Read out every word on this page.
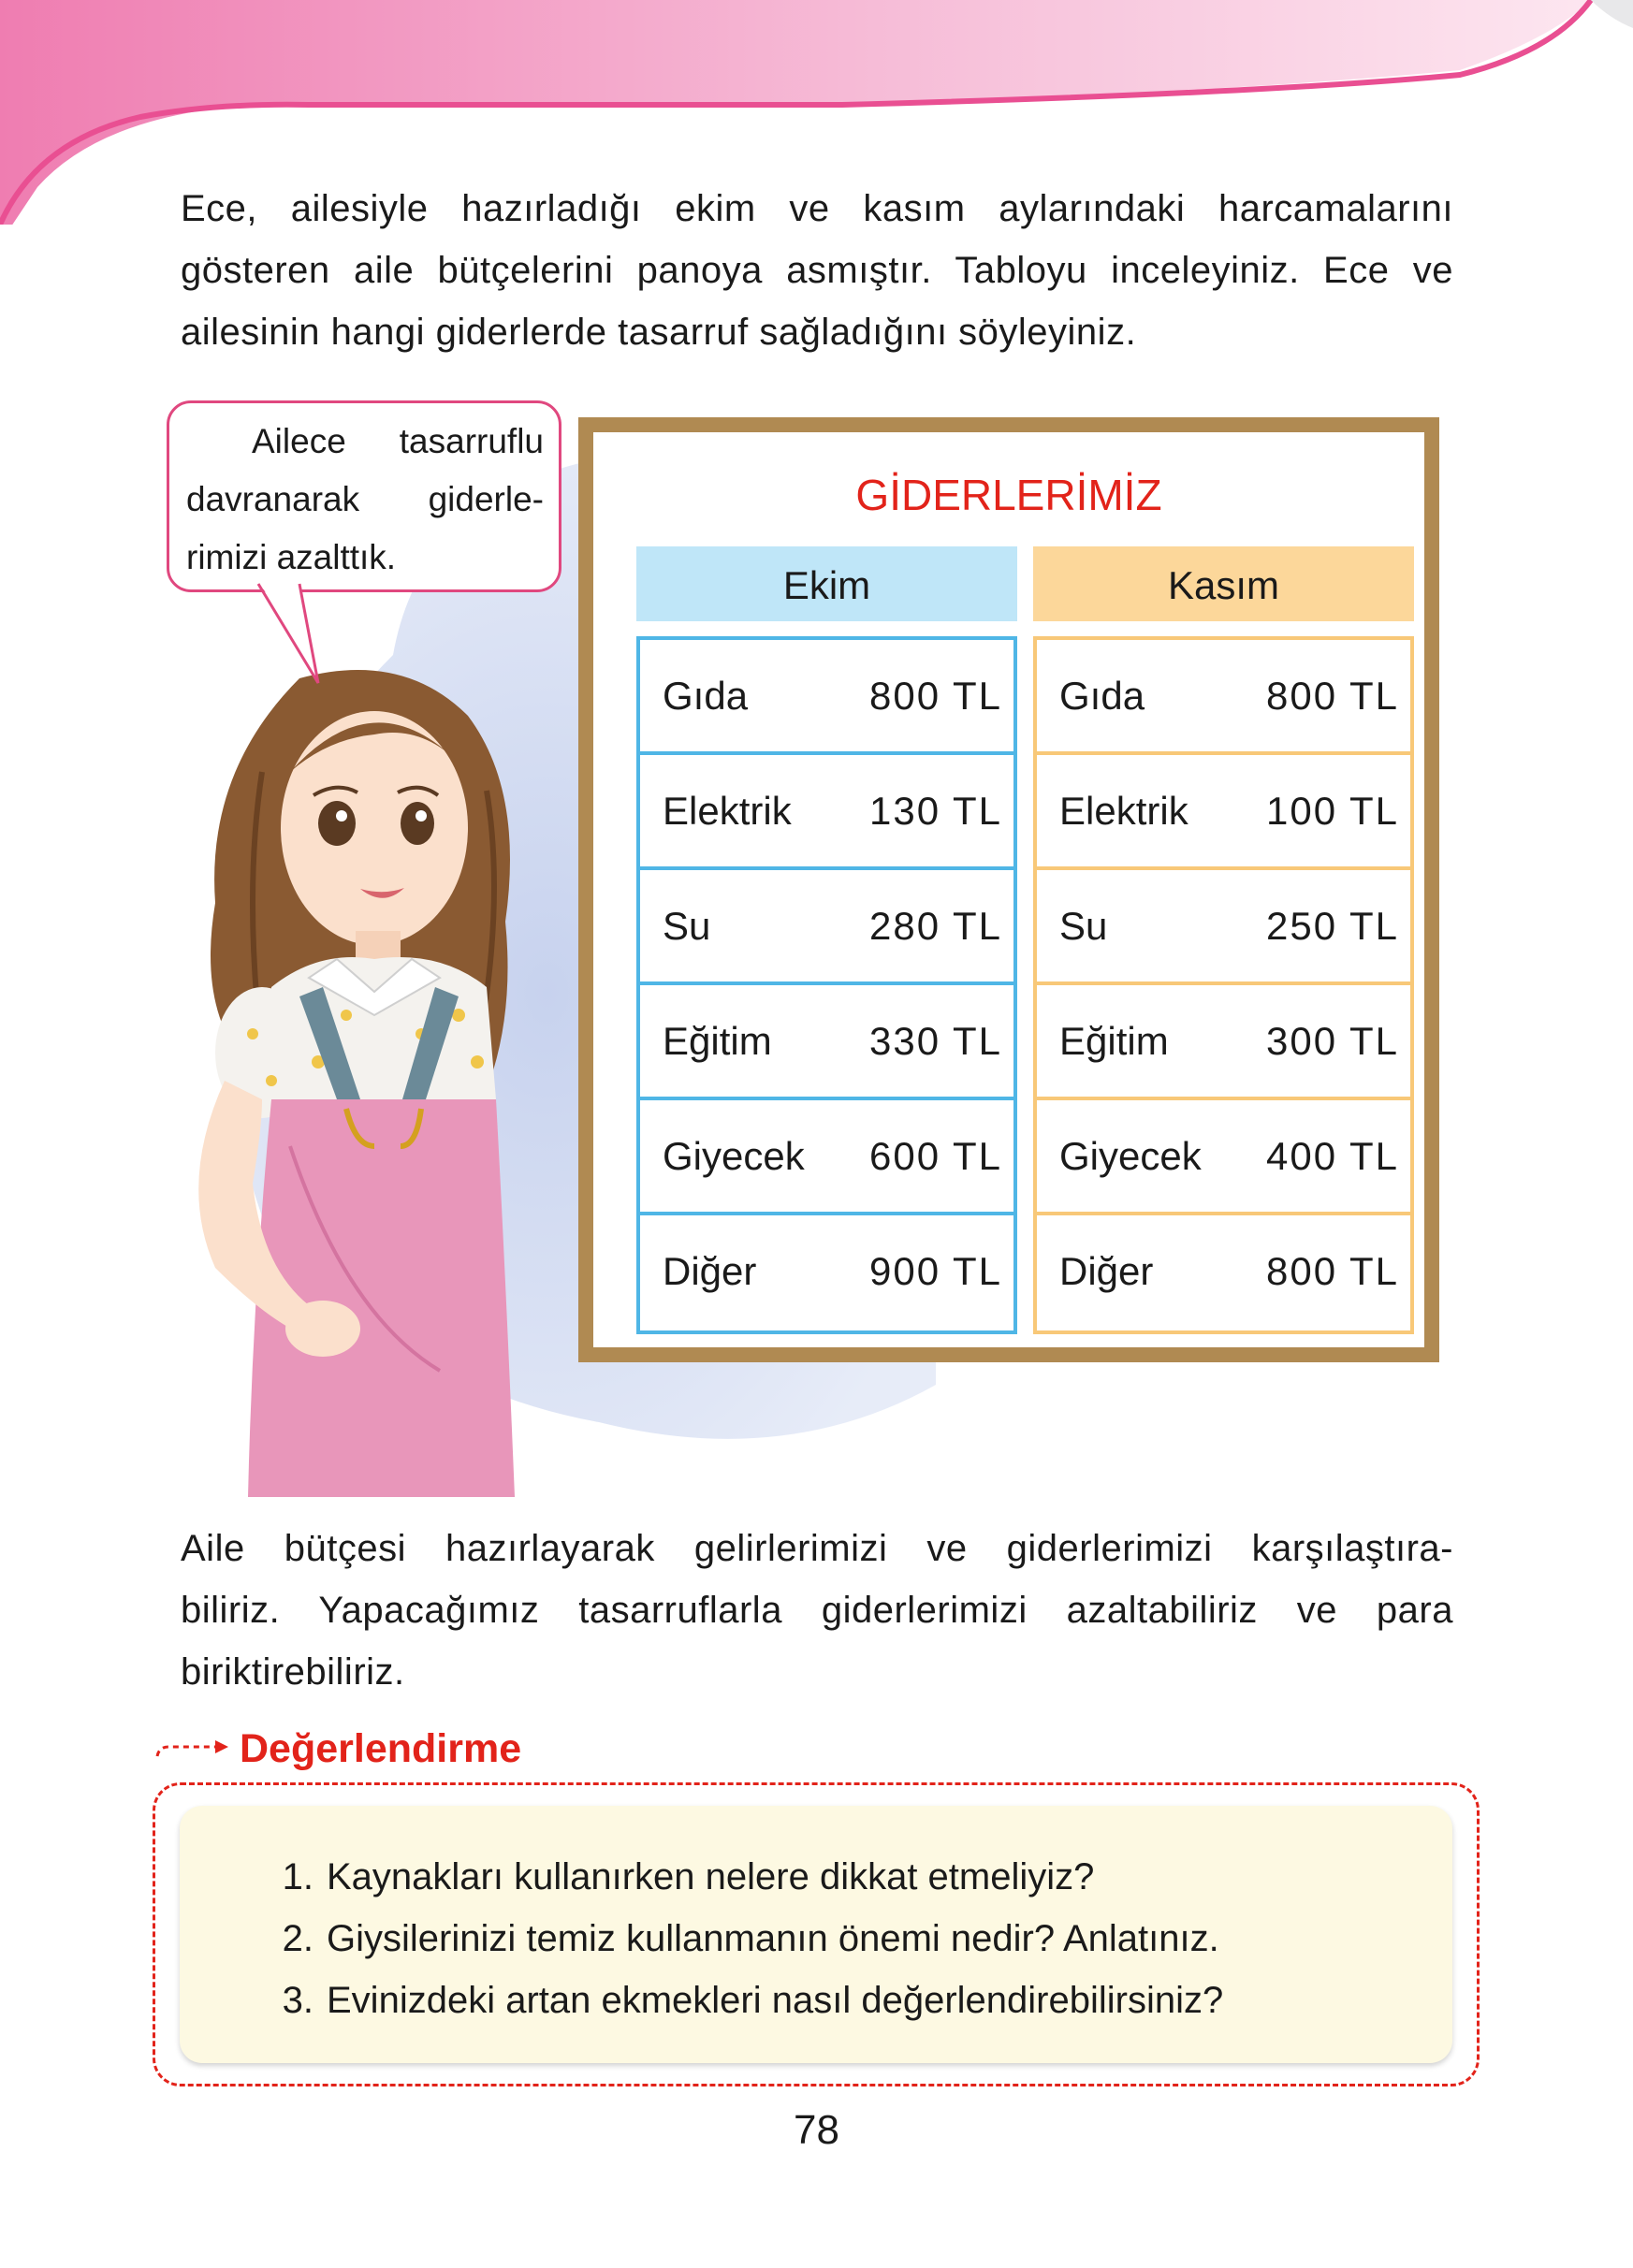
Ece, ailesiyle hazırladığı ekim ve kasım aylarındaki harcamalarını
gösteren aile bütçelerini panoya asmıştır. Tabloyu inceleyiniz. Ece ve
ailesinin hangi giderlerde tasarruf sağladığını söyleyiniz.
Ailece tasarruflu
davranarak giderle-
rimizi azalttık.
GİDERLERİMİZ
Ekim
Gıda	800 TL
Elektrik 130 TL
Su	280 TL
Eğitim 330 TL
Giyecek 600 TL
Diğer	900 TL
Kasım
Gıda	800 TL
Elektrik 100 TL
Su	250 TL
Eğitim 300 TL
Giyecek 400 TL
Diğer	800 TL
Aile bütçesi hazırlayarak gelirlerimizi ve giderlerimizi karşılaştıra-
biliriz. Yapacağımız tasarruflarla giderlerimizi azaltabiliriz ve para
biriktirebiliriz.
Değerlendirme
1. Kaynakları kullanırken nelere dikkat etmeliyiz?
2. Giysilerinizi temiz kullanmanın önemi nedir? Anlatınız.
3. Evinizdeki artan ekmekleri nasıl değerlendirebilirsiniz?
78
